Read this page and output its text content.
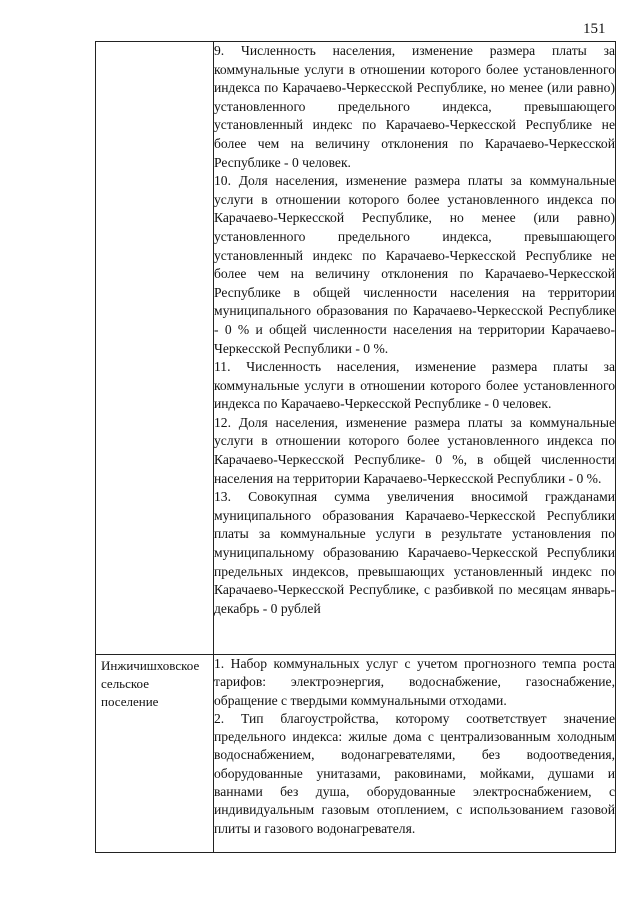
151

	9. Численность населения, изменение размера платы за коммунальные услуги в отношении которого более установленного индекса по Карачаево-Черкесской Республике, но менее (или равно) установленного предельного индекса, превышающего установленный индекс по Карачаево-Черкесской Республике не более чем на величину отклонения по Карачаево-Черкесской Республике - 0 человек.

10. Доля населения, изменение размера платы за коммунальные услуги в отношении которого более установленного индекса по Карачаево-Черкесской Республике, но менее (или равно) установленного предельного индекса, превышающего установленный индекс по Карачаево-Черкесской Республике не более чем на величину отклонения по Карачаево-Черкесской Республике в общей численности населения на территории муниципального образования по Карачаево-Черкесской Республике - 0 % и общей численности населения на территории Карачаево-Черкесской Республики - 0 %.

11. Численность населения, изменение размера платы за коммунальные услуги в отношении которого более установленного индекса по Карачаево-Черкесской Республике - 0 человек.

12. Доля населения, изменение размера платы за коммунальные услуги в отношении которого более установленного индекса по Карачаево-Черкесской Республике- 0 %, в общей численности населения на территории Карачаево-Черкесской Республики - 0 %.

13. Совокупная сумма увеличения вносимой гражданами муниципального образования Карачаево-Черкесской Республики платы за коммунальные услуги в результате установления по муниципальному образованию Карачаево-Черкесской Республики предельных индексов, превышающих установленный индекс по Карачаево-Черкесской Республике, с разбивкой по месяцам январь-декабрь - 0 рублей

Инжичишховское сельское поселение	1. Набор коммунальных услуг с учетом прогнозного темпа роста тарифов: электроэнергия, водоснабжение, газоснабжение, обращение с твердыми коммунальными отходами.

2. Тип благоустройства, которому соответствует значение предельного индекса: жилые дома с централизованным холодным водоснабжением, водонагревателями, без водоотведения, оборудованные унитазами, раковинами, мойками, душами и ваннами без душа, оборудованные электроснабжением, с индивидуальным газовым отоплением, с использованием газовой плиты и газового водонагревателя.
